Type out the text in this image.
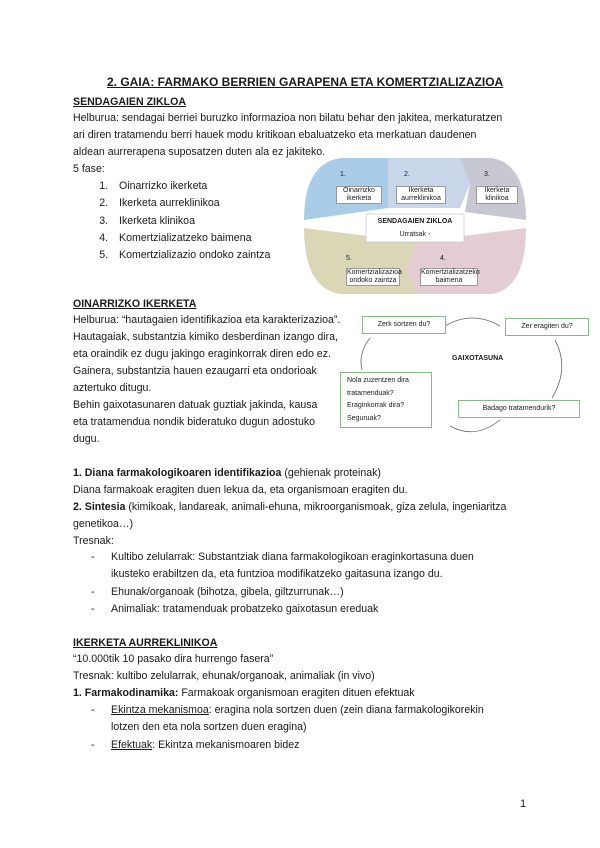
2. GAIA: FARMAKO BERRIEN GARAPENA ETA KOMERTZIALIZAZIOA
SENDAGAIEN ZIKLOA
Helburua: sendagai berriei buruzko informazioa non bilatu behar den jakitea, merkaturatzen
ari diren tratamendu berri hauek modu kritikoan ebaluatzeko eta merkatuan daudenen
aldean aurrerapena suposatzen duten ala ez jakiteko.
5 fase:
1. Oinarrizko ikerketa
2. Ikerketa aurreklinikoa
3. Ikerketa klinikoa
4. Komertzializatzeko baimena
5. Komertzializazio ondoko zaintza
SENDAGAIEN ZIKLOA
Urratsak -
1.
Oinarrizko ikerketa
2.
Ikerketa aurreklinikoa
3.
Ikerketa klinikoa
4.
Komertzializatzeko baimena
5.
Komertzializazioa ondoko zaintza
OINARRIZKO IKERKETA
Helburua: “hautagaien identifikazioa eta karakterizazioa”.
Hautagaiak, substantzia kimiko desberdinan izango dira,
eta oraindik ez dugu jakingo eraginkorrak diren edo ez.
Gainera, substantzia hauen ezaugarri eta ondorioak
aztertuko ditugu.
Behin gaixotasunaren datuak guztiak jakinda, kausa
eta tratamendua nondik bideratuko dugun adostuko
dugu.
Zerk sortzen du?	Zer eragiten du?
GAIXOTASUNA
Badago tratamendurik?
Nola zuzentzen dira
tratamenduak?
Eraginkorrak dira?
Seguruak?
1. Diana farmakologikoaren identifikazioa (gehienak proteinak)
Diana farmakoak eragiten duen lekua da, eta organismoan eragiten du.
2. Sintesia (kimikoak, landareak, animali-ehuna, mikroorganismoak, giza zelula, ingeniaritza
genetikoa…)
Tresnak:
- Kultibo zelularrak: Substantziak diana farmakologikoan eraginkortasuna duen
ikusteko erabiltzen da, eta funtzioa modifikatzeko gaitasuna izango du.
- Ehunak/organoak (bihotza, gibela, giltzurrunak…)
- Animaliak: tratamenduak probatzeko gaixotasun ereduak
IKERKETA AURREKLINIKOA
“10.000tik 10 pasako dira hurrengo fasera”
Tresnak: kultibo zelularrak, ehunak/organoak, animaliak (in vivo)
1. Farmakodinamika: Farmakoak organismoan eragiten dituen efektuak
- Ekintza mekanismoa: eragina nola sortzen duen (zein diana farmakologikorekin
lotzen den eta nola sortzen duen eragina)
- Efektuak: Ekintza mekanismoaren bidez
1
